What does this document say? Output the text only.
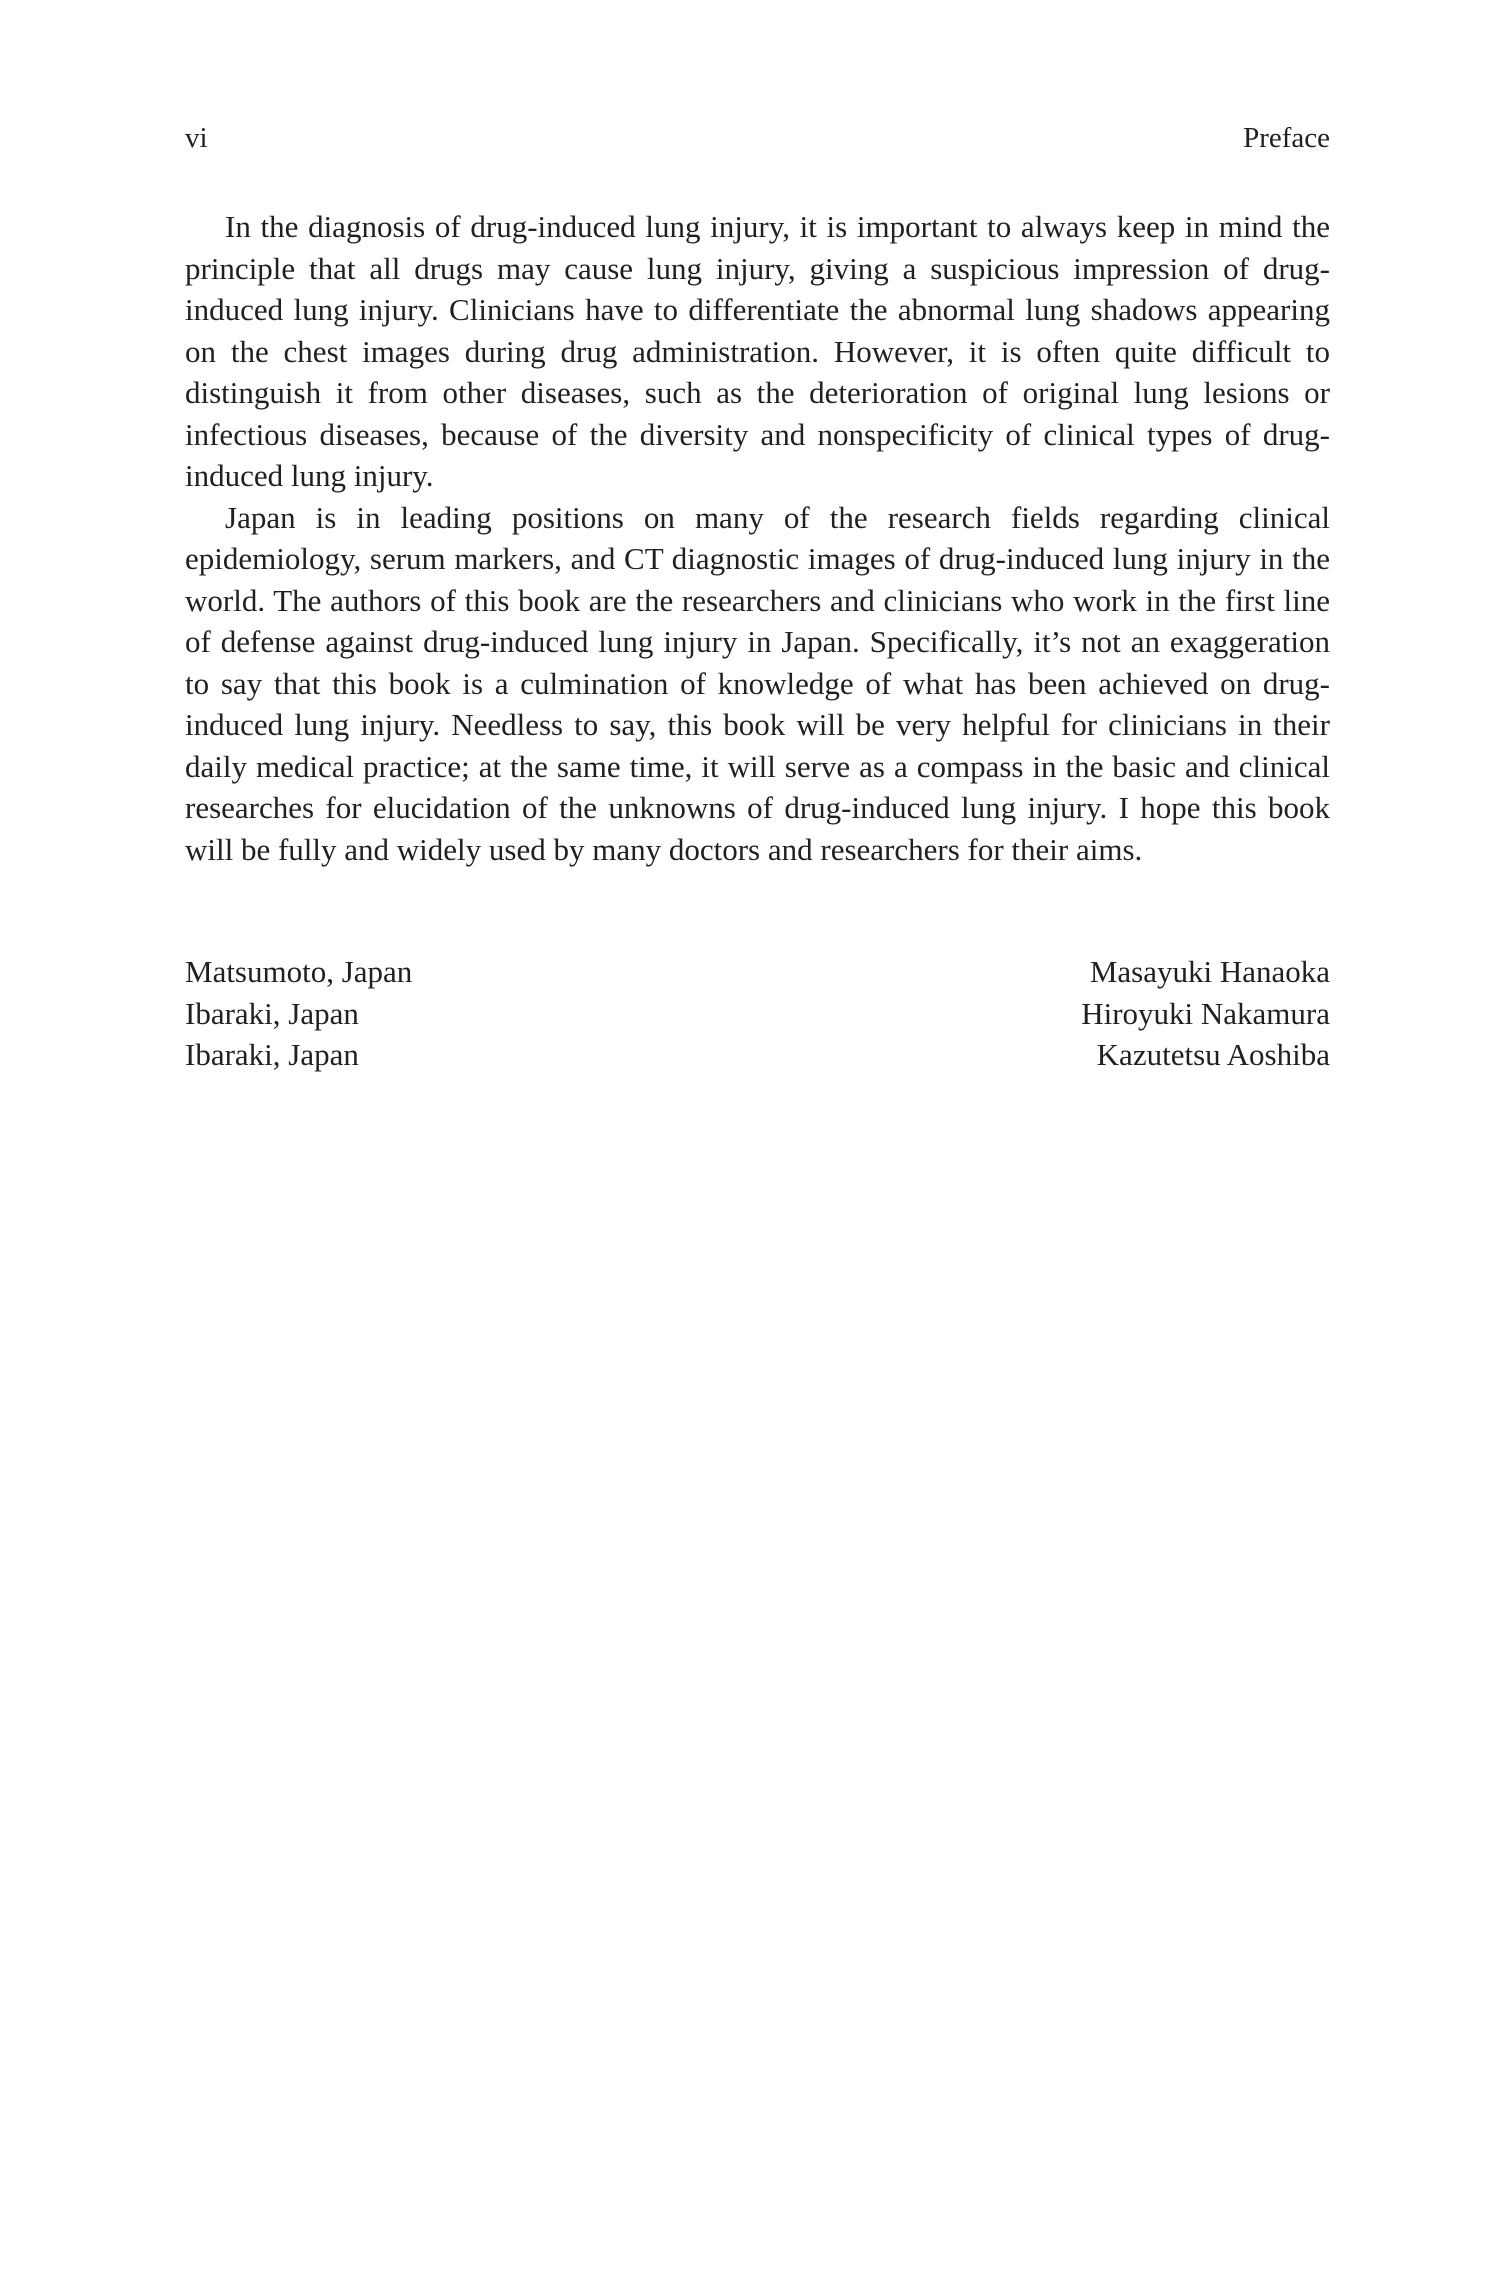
vi	Preface

In the diagnosis of drug-induced lung injury, it is important to always keep in mind the principle that all drugs may cause lung injury, giving a suspicious impression of drug-induced lung injury. Clinicians have to differentiate the abnormal lung shadows appearing on the chest images during drug administration. However, it is often quite difficult to distinguish it from other diseases, such as the deterioration of original lung lesions or infectious diseases, because of the diversity and nonspecificity of clinical types of drug-induced lung injury.

Japan is in leading positions on many of the research fields regarding clinical epidemiology, serum markers, and CT diagnostic images of drug-induced lung injury in the world. The authors of this book are the researchers and clinicians who work in the first line of defense against drug-induced lung injury in Japan. Specifically, it’s not an exaggeration to say that this book is a culmination of knowledge of what has been achieved on drug-induced lung injury. Needless to say, this book will be very helpful for clinicians in their daily medical practice; at the same time, it will serve as a compass in the basic and clinical researches for elucidation of the unknowns of drug-induced lung injury. I hope this book will be fully and widely used by many doctors and researchers for their aims.

Matsumoto, Japan	Masayuki Hanaoka
Ibaraki, Japan	Hiroyuki Nakamura
Ibaraki, Japan	Kazutetsu Aoshiba
